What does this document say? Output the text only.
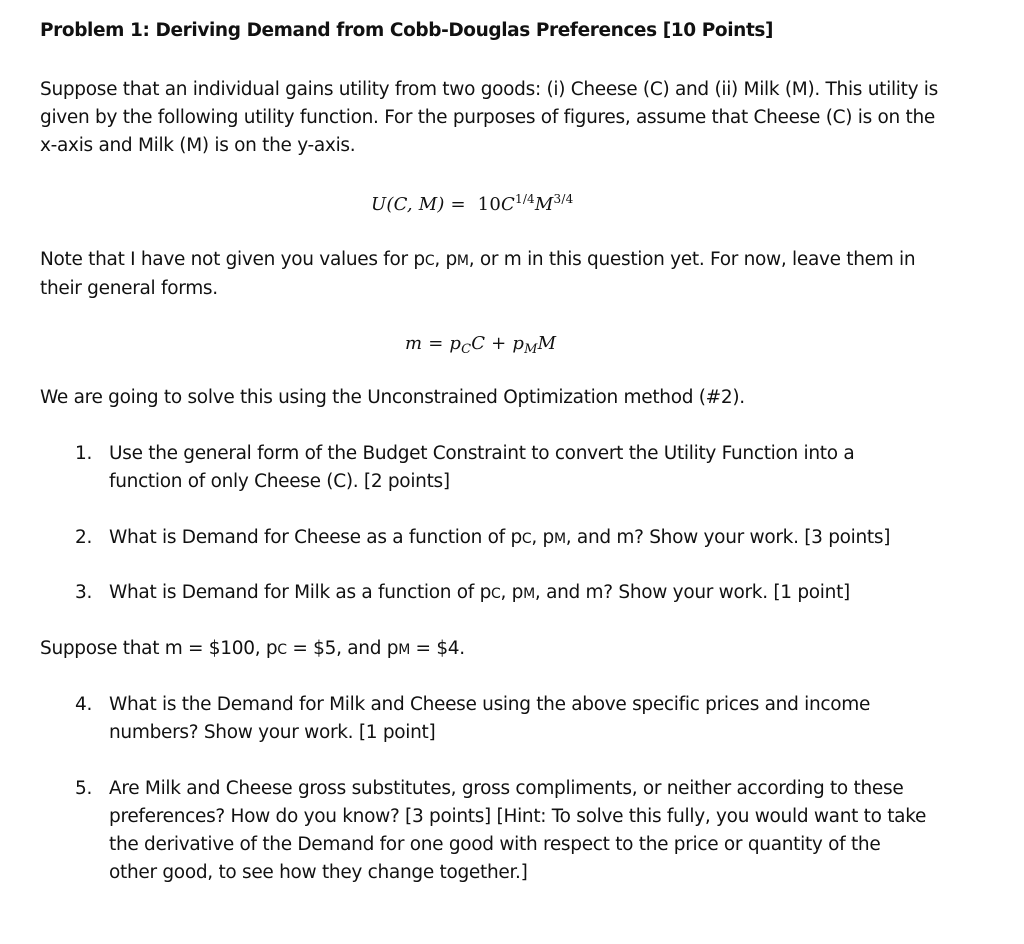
Problem 1: Deriving Demand from Cobb-Douglas Preferences [10 Points]
Suppose that an individual gains utility from two goods: (i) Cheese (C) and (ii) Milk (M). This utility is given by the following utility function. For the purposes of figures, assume that Cheese (C) is on the x-axis and Milk (M) is on the y-axis.
U(C, $M) = 10C^{1/4}M^{3/4}$
Note that I have not given you values for pC, pM, or m in this question yet. For now, leave them in their general forms.
$m = p_CC + p_MM$
We are going to solve this using the Unconstrained Optimization method (#2).
1. Use the general form of the Budget Constraint to convert the Utility Function into a function of only Cheese (C). [2 points]
2. What is Demand for Cheese as a function of pC, pM, and m? Show your work. [3 points]
3. What is Demand for Milk as a function of pC, pM, and m? Show your work. [1 point]
Suppose that m = $100, pC = $5, and pM = $4.
4. What is the Demand for Milk and Cheese using the above specific prices and income numbers? Show your work. [1 point]
5. Are Milk and Cheese gross substitutes, gross compliments, or neither according to these preferences? How do you know? [3 points] [Hint: To solve this fully, you would want to take the derivative of the Demand for one good with respect to the price or quantity of the other good, to see how they change together.]
